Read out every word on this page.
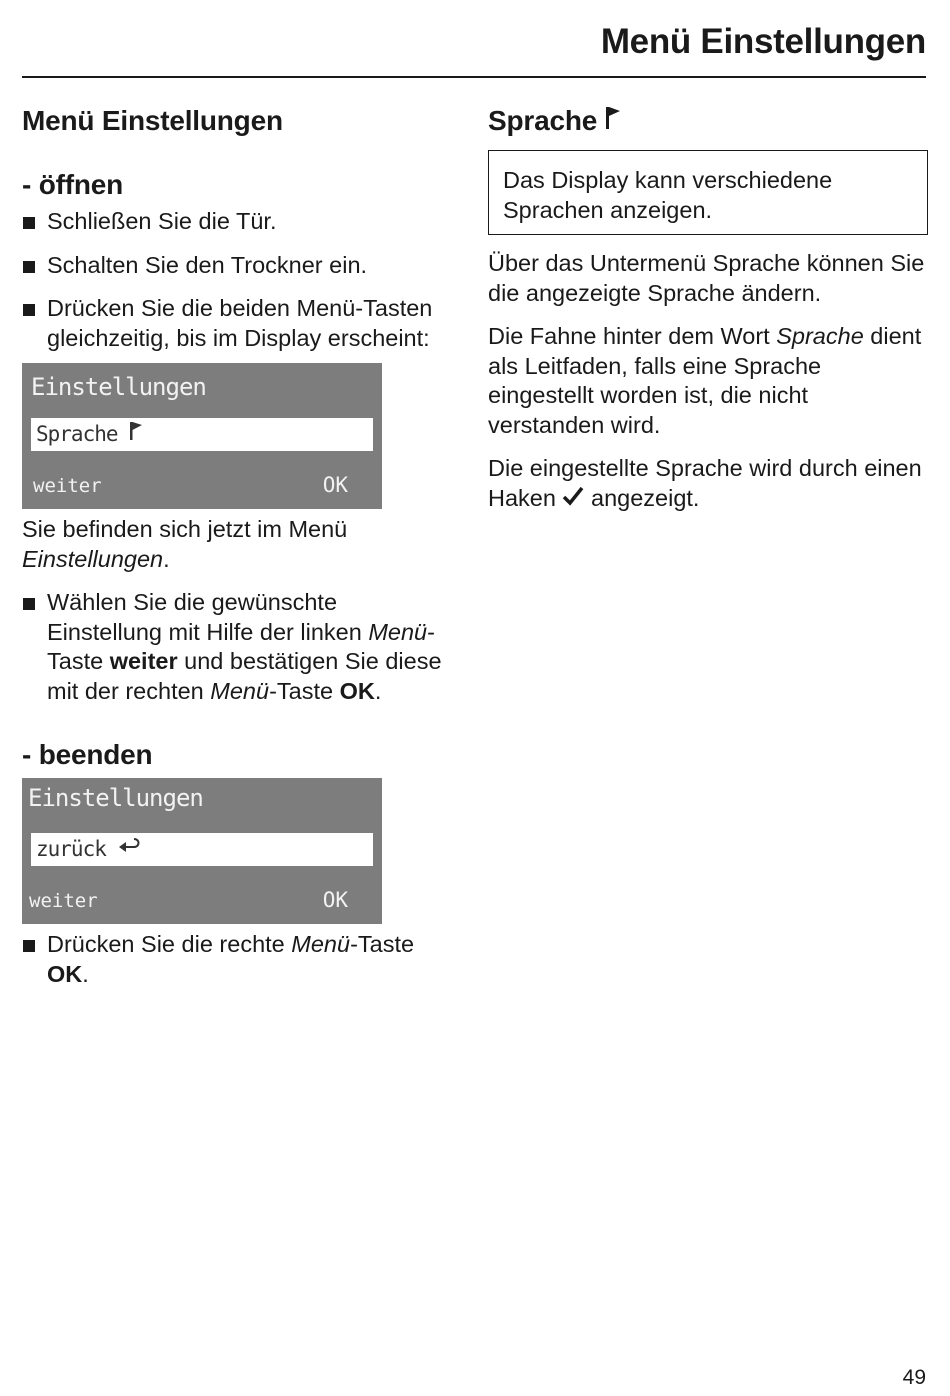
Menü Einstellungen
Menü Einstellungen
- öffnen
Schließen Sie die Tür.
Schalten Sie den Trockner ein.
Drücken Sie die beiden Menü-Tasten gleichzeitig, bis im Display erscheint:
Einstellungen
Sprache
weiter	OK

Sie befinden sich jetzt im Menü Einstellungen.

Wählen Sie die gewünschte Einstellung mit Hilfe der linken Menü-Taste weiter und bestätigen Sie diese mit der rechten Menü-Taste OK.
- beenden
Einstellungen
zurück
weiter	OK
Drücken Sie die rechte Menü-Taste OK.
Sprache
Das Display kann verschiedene Sprachen anzeigen.

Über das Untermenü Sprache können Sie die angezeigte Sprache ändern.

Die Fahne hinter dem Wort Sprache dient als Leitfaden, falls eine Sprache eingestellt worden ist, die nicht verstanden wird.

Die eingestellte Sprache wird durch einen Haken  angezeigt.

49
